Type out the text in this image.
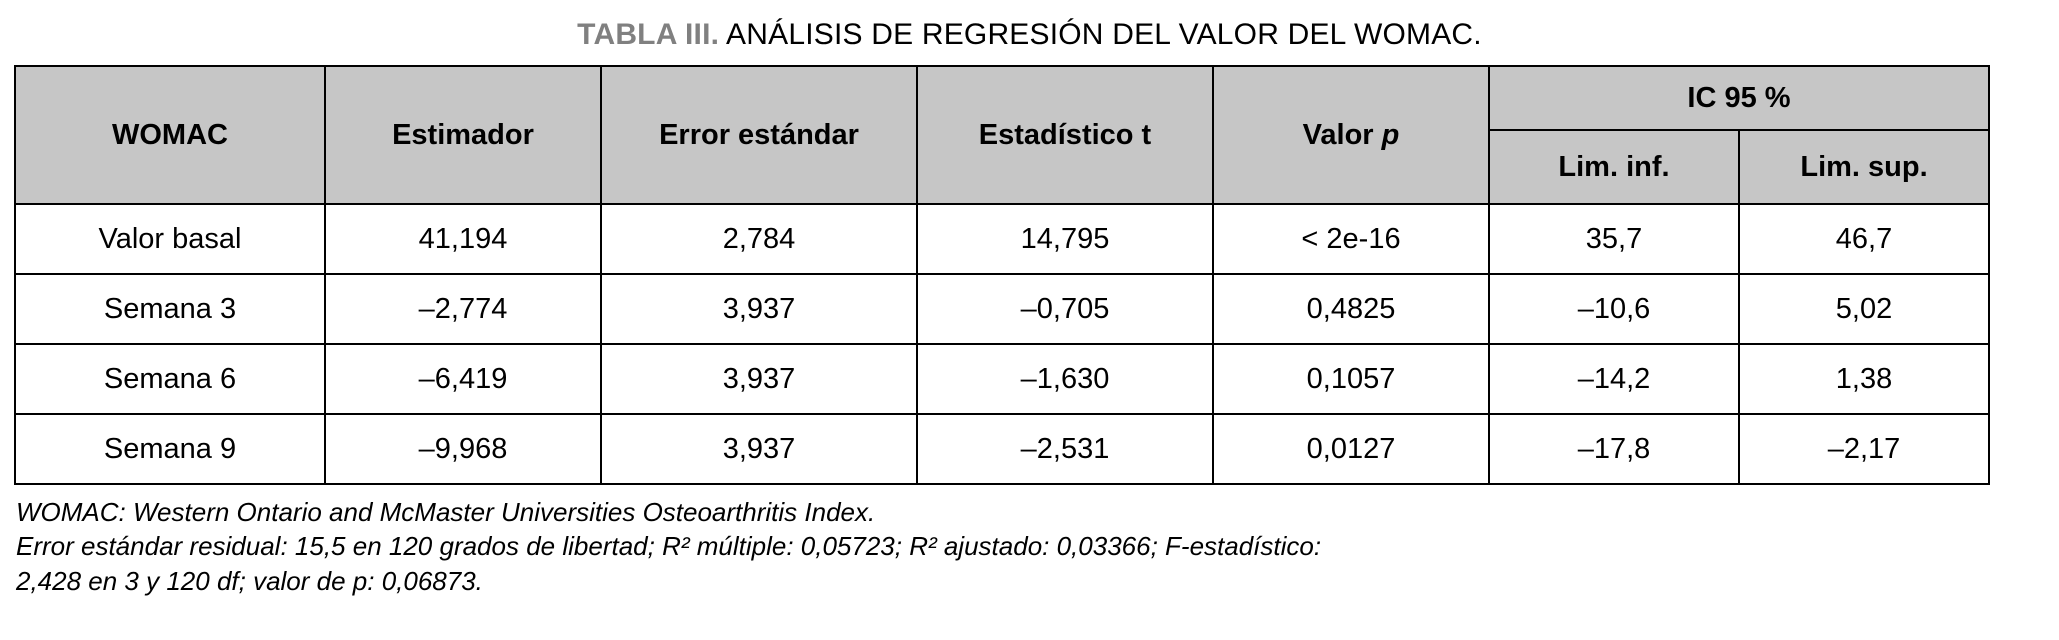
TABLA III. ANÁLISIS DE REGRESIÓN DEL VALOR DEL WOMAC.
WOMAC	Estimador	Error estándar	Estadístico t	Valor p	IC 95 %	
					Lim. inf.	Lim. sup.
Valor basal	41,194	2,784	14,795	< 2e-16	35,7	46,7
Semana 3	–2,774	3,937	–0,705	0,4825	–10,6	5,02
Semana 6	–6,419	3,937	–1,630	0,1057	–14,2	1,38
Semana 9	–9,968	3,937	–2,531	0,0127	–17,8	–2,17
WOMAC: Western Ontario and McMaster Universities Osteoarthritis Index.
Error estándar residual: 15,5 en 120 grados de libertad; R² múltiple: 0,05723; R² ajustado: 0,03366; F-estadístico:
2,428 en 3 y 120 df; valor de p: 0,06873.
